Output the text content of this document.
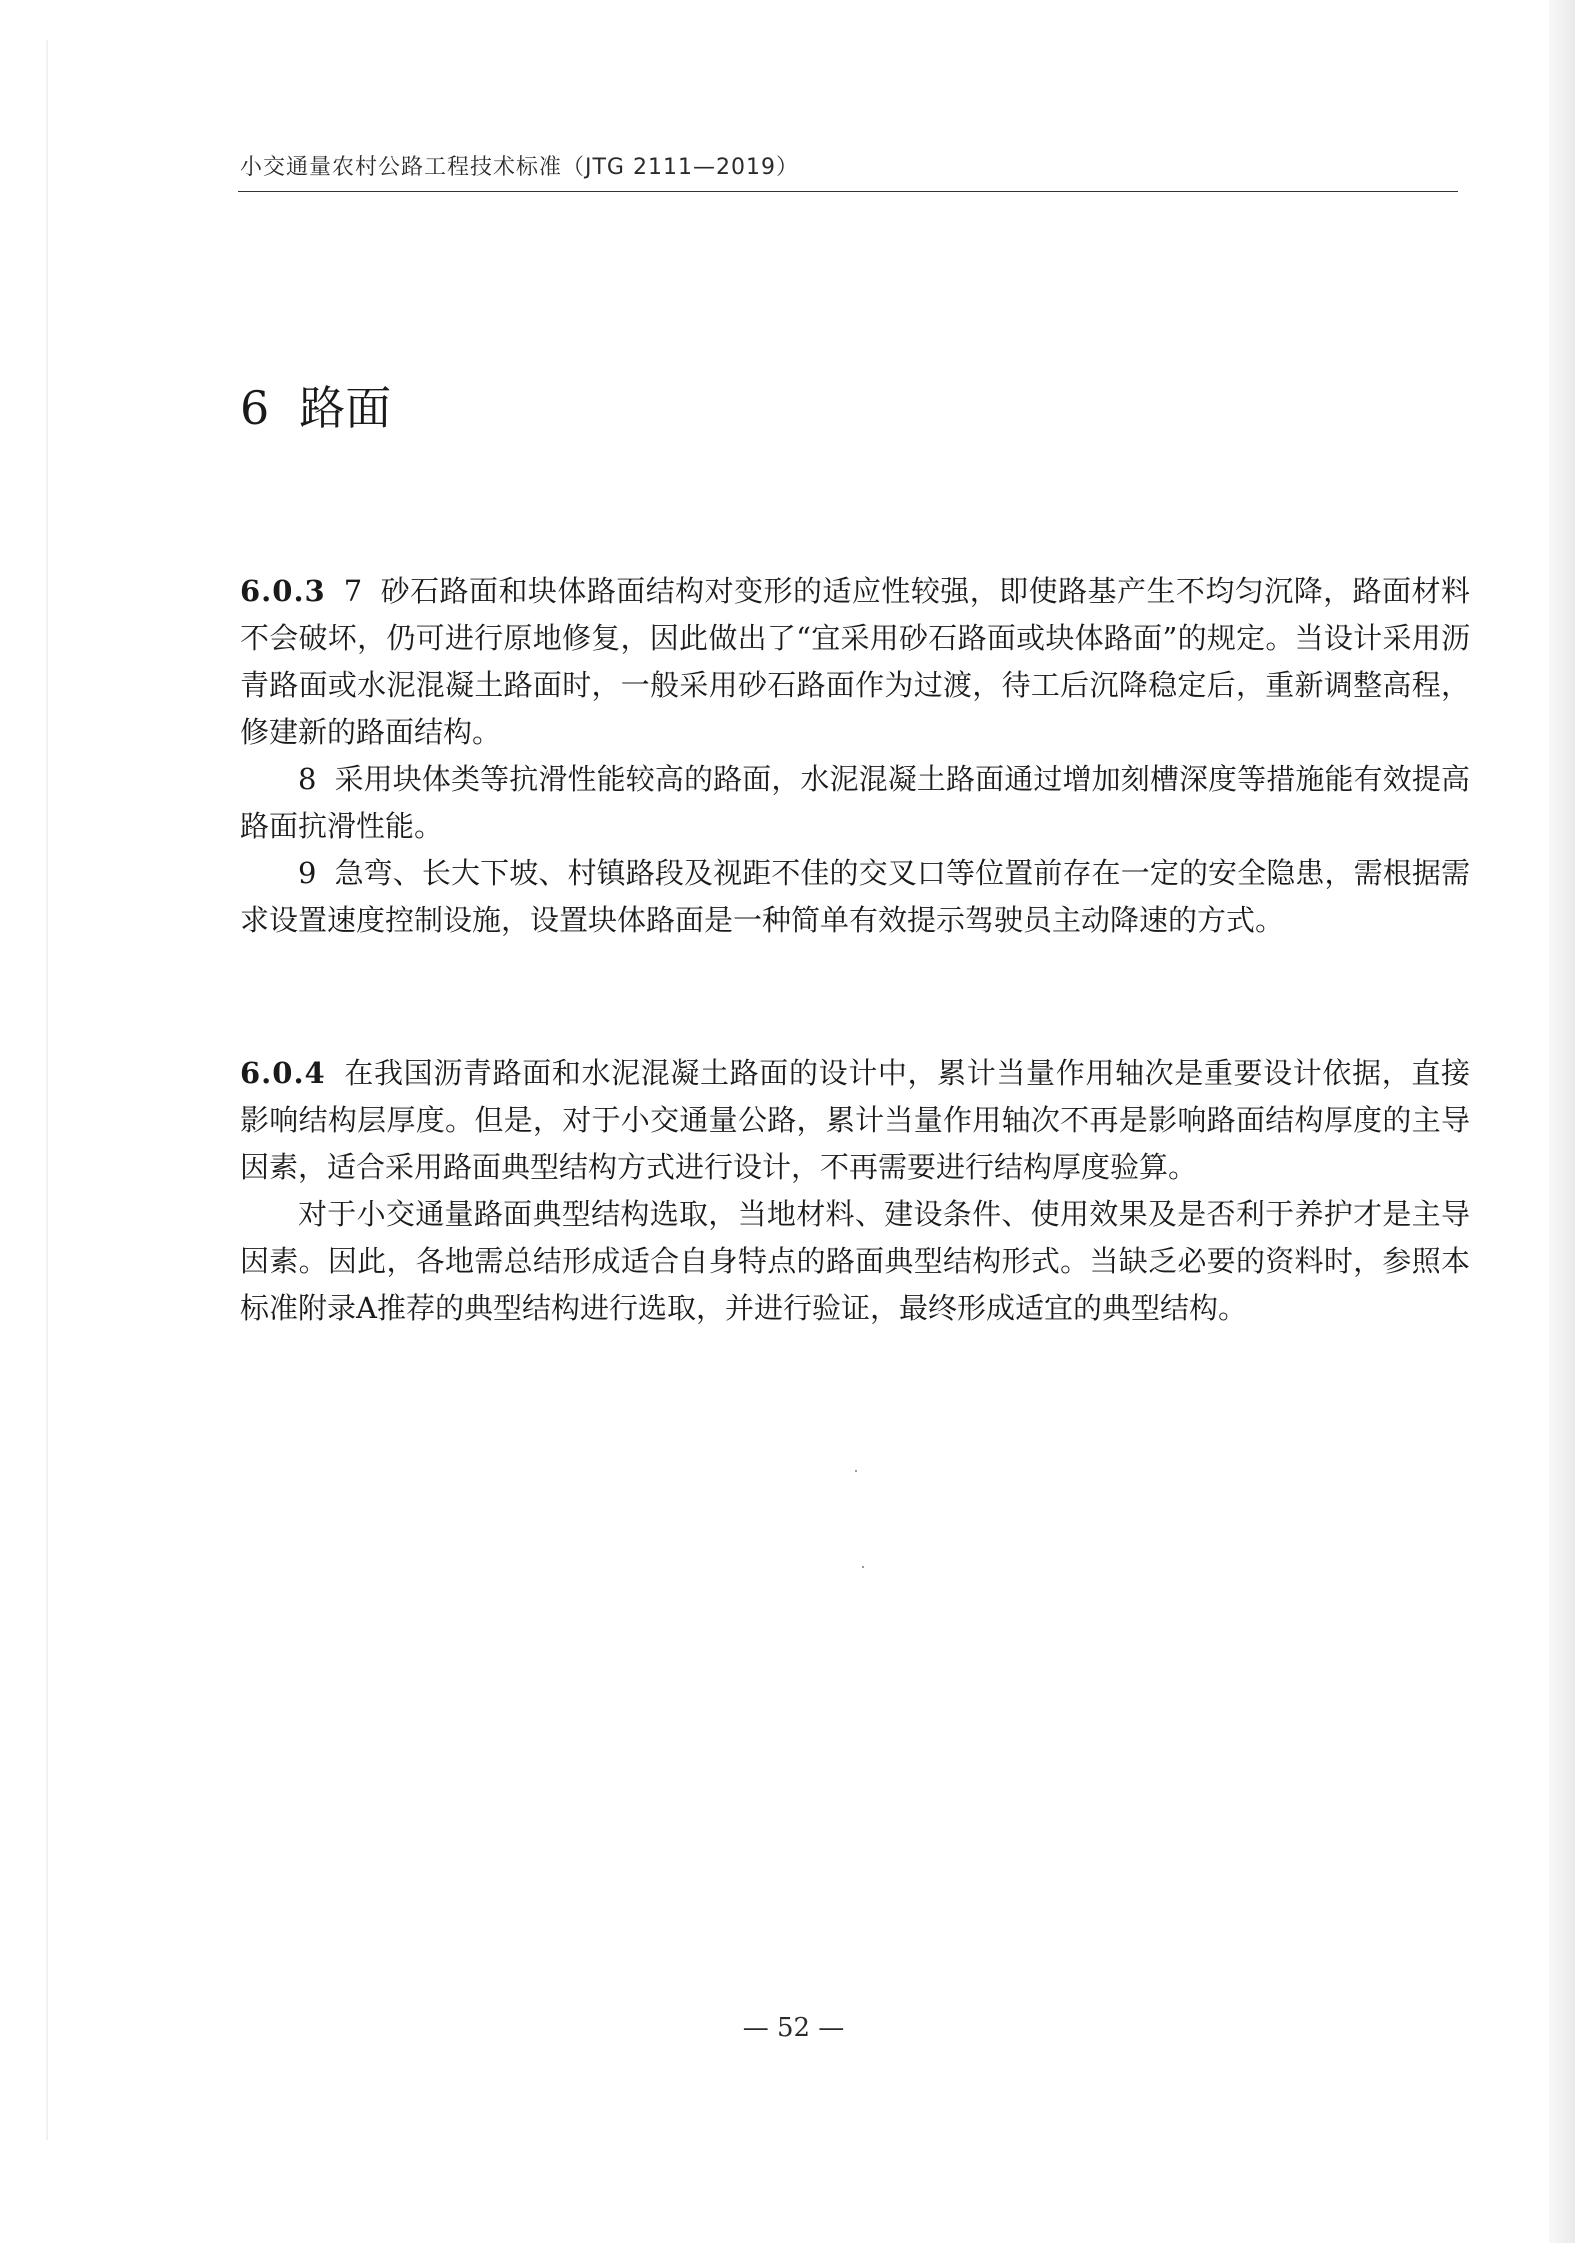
小交通量农村公路工程技术标准（JTG 2111—2019）
6 路面

6.0.3 7 砂石路面和块体路面结构对变形的适应性较强，即使路基产生不均匀沉降，路面材料不会破坏，仍可进行原地修复，因此做出了“宜采用砂石路面或块体路面”的规定。当设计采用沥青路面或水泥混凝土路面时，一般采用砂石路面作为过渡，待工后沉降稳定后，重新调整高程，修建新的路面结构。

8 采用块体类等抗滑性能较高的路面，水泥混凝土路面通过增加刻槽深度等措施能有效提高路面抗滑性能。

9 急弯、长大下坡、村镇路段及视距不佳的交叉口等位置前存在一定的安全隐患，需根据需求设置速度控制设施，设置块体路面是一种简单有效提示驾驶员主动降速的方式。

6.0.4 在我国沥青路面和水泥混凝土路面的设计中，累计当量作用轴次是重要设计依据，直接影响结构层厚度。但是，对于小交通量公路，累计当量作用轴次不再是影响路面结构厚度的主导因素，适合采用路面典型结构方式进行设计，不再需要进行结构厚度验算。

对于小交通量路面典型结构选取，当地材料、建设条件、使用效果及是否利于养护才是主导因素。因此，各地需总结形成适合自身特点的路面典型结构形式。当缺乏必要的资料时，参照本标准附录A推荐的典型结构进行选取，并进行验证，最终形成适宜的典型结构。

— 52 —
